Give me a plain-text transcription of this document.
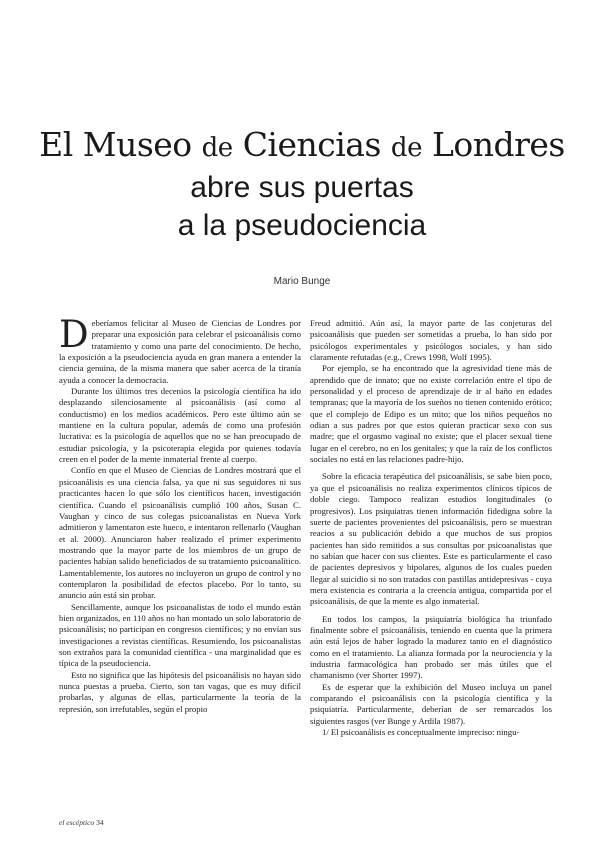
El Museo de Ciencias de Londres
abre sus puertas
a la pseudociencia
Mario Bunge

Deberíamos felicitar al Museo de Ciencias de Londres por preparar una exposición para celebrar el psicoanálisis como tratamiento y como una parte del conocimiento. De hecho, la exposición a la pseudociencia ayuda en gran manera a entender la ciencia genuina, de la misma manera que saber acerca de la tiranía ayuda a conocer la democracia.

Durante los últimos tres decenios la psicología científica ha ido desplazando silenciosamente al psicoanálisis (así como al conductismo) en los medios académicos. Pero este último aún se mantiene en la cultura popular, además de como una profesión lucrativa: es la psicología de aquellos que no se han preocupado de estudiar psicología, y la psicoterapia elegida por quienes todavía creen en el poder de la mente inmaterial frente al cuerpo.

Confío en que el Museo de Ciencias de Londres mostrará que el psicoanálisis es una ciencia falsa, ya que ni sus seguidores ni sus practicantes hacen lo que sólo los científicos hacen, investigación científica. Cuando el psicoanálisis cumplió 100 años, Susan C. Vaughan y cinco de sus colegas psicoanalistas en Nueva York admitieron y lamentaron este hueco, e intentaron rellenarlo (Vaughan et al. 2000). Anunciaron haber realizado el primer experimento mostrando que la mayor parte de los miembros de un grupo de pacientes habían salido beneficiados de su tratamiento psicoanalítico. Lamentablemente, los autores no incluyeron un grupo de control y no contemplaron la posibilidad de efectos placebo. Por lo tanto, su anuncio aún está sin probar.

Sencillamente, aunque los psicoanalistas de todo el mundo están bien organizados, en 110 años no han montado un solo laboratorio de psicoanálisis; no participan en congresos científicos; y no envían sus investigaciones a revistas científicas. Resumiendo, los psicoanalistas son extraños para la comunidad científica - una marginalidad que es típica de la pseudociencia.

Esto no significa que las hipótesis del psicoanálisis no hayan sido nunca puestas a prueba. Cierto, son tan vagas, que es muy difícil probarlas, y algunas de ellas, particularmente la teoría de la represión, son irrefutables, según el propio

Freud admitió. Aún así, la mayor parte de las conjeturas del psicoanálisis que pueden ser sometidas a prueba, lo han sido por psicólogos experimentales y psicólogos sociales, y han sido claramente refutadas (e.g., Crews 1998, Wolf 1995).

Por ejemplo, se ha encontrado que la agresividad tiene más de aprendido que de innato; que no existe correlación entre el tipo de personalidad y el proceso de aprendizaje de ir al baño en edades tempranas; que la mayoría de los sueños no tienen contenido erótico; que el complejo de Edipo es un mito; que los niños pequeños no odian a sus padres por que estos quieran practicar sexo con sus madre; que el orgasmo vaginal no existe; que el placer sexual tiene lugar en el cerebro, no en los genitales; y que la raíz de los conflictos sociales no está en las relaciones padre-hijo.

Sobre la eficacia terapéutica del psicoanálisis, se sabe bien poco, ya que el psicoanálisis no realiza experimentos clínicos típicos de doble ciego. Tampoco realizan estudios longitudinales (o progresivos). Los psiquiatras tienen información fidedigna sobre la suerte de pacientes provenientes del psicoanálisis, pero se muestran reacios a su publicación debido a que muchos de sus propios pacientes han sido remitidos a sus consultas por psicoanalistas que no sabían que hacer con sus clientes. Este es particularmente el caso de pacientes depresivos y bipolares, algunos de los cuales pueden llegar al suicidio si no son tratados con pastillas antidepresivas - cuya mera existencia es contraria a la creencia antigua, compartida por el psicoanálisis, de que la mente es algo inmaterial.

En todos los campos, la psiquiatría biológica ha triunfado finalmente sobre el psicoanálisis, teniendo en cuenta que la primera aún está lejos de haber logrado la madurez tanto en el diagnóstico como en el tratamiento. La alianza formada por la neurociencia y la industria farmacológica han probado ser más útiles que el chamanismo (ver Shorter 1997).

Es de esperar que la exhibición del Museo incluya un panel comparando el psicoanálisis con la psicología científica y la psiquiatría. Particularmente, deberían de ser remarcados los siguientes rasgos (ver Bunge y Ardila 1987).

1/ El psicoanálisis es conceptualmente impreciso: ningu-

el escéptico 34
